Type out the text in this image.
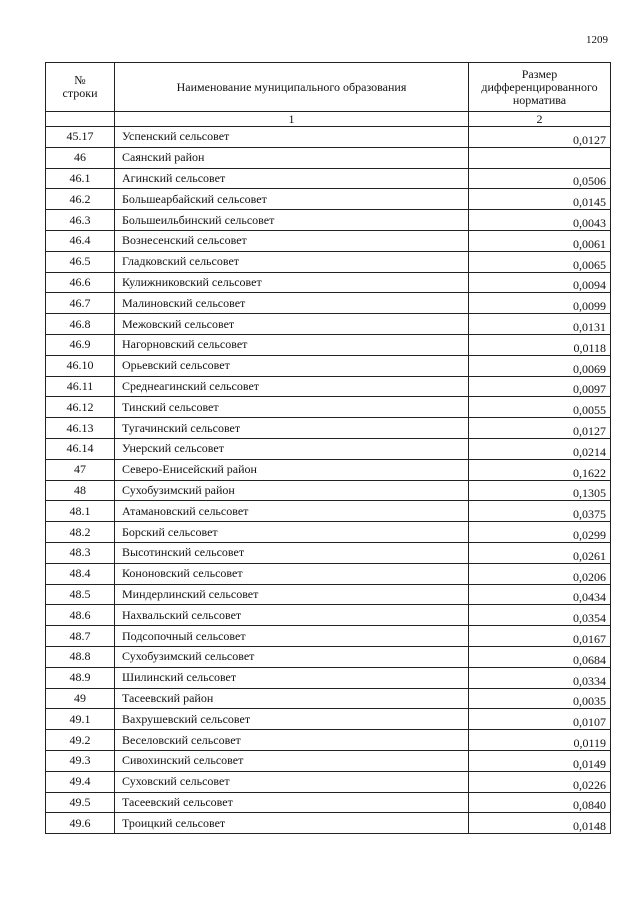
1209
№
строки	Наименование муниципального образования	Размер дифференцированного норматива
	1	2
45.17	Успенский сельсовет	0,0127
46	Саянский район	
46.1	Агинский сельсовет	0,0506
46.2	Большеарбайский сельсовет	0,0145
46.3	Большеильбинский сельсовет	0,0043
46.4	Вознесенский сельсовет	0,0061
46.5	Гладковский сельсовет	0,0065
46.6	Кулижниковский сельсовет	0,0094
46.7	Малиновский сельсовет	0,0099
46.8	Межовский сельсовет	0,0131
46.9	Нагорновский сельсовет	0,0118
46.10	Орьевский сельсовет	0,0069
46.11	Среднеагинский сельсовет	0,0097
46.12	Тинский сельсовет	0,0055
46.13	Тугачинский сельсовет	0,0127
46.14	Унерский сельсовет	0,0214
47	Северо-Енисейский район	0,1622
48	Сухобузимский район	0,1305
48.1	Атамановский сельсовет	0,0375
48.2	Борский сельсовет	0,0299
48.3	Высотинский сельсовет	0,0261
48.4	Кононовский сельсовет	0,0206
48.5	Миндерлинский сельсовет	0,0434
48.6	Нахвальский сельсовет	0,0354
48.7	Подсопочный сельсовет	0,0167
48.8	Сухобузимский сельсовет	0,0684
48.9	Шилинский сельсовет	0,0334
49	Тасеевский район	0,0035
49.1	Вахрушевский сельсовет	0,0107
49.2	Веселовский сельсовет	0,0119
49.3	Сивохинский сельсовет	0,0149
49.4	Суховский сельсовет	0,0226
49.5	Тасеевский сельсовет	0,0840
49.6	Троицкий сельсовет	0,0148
